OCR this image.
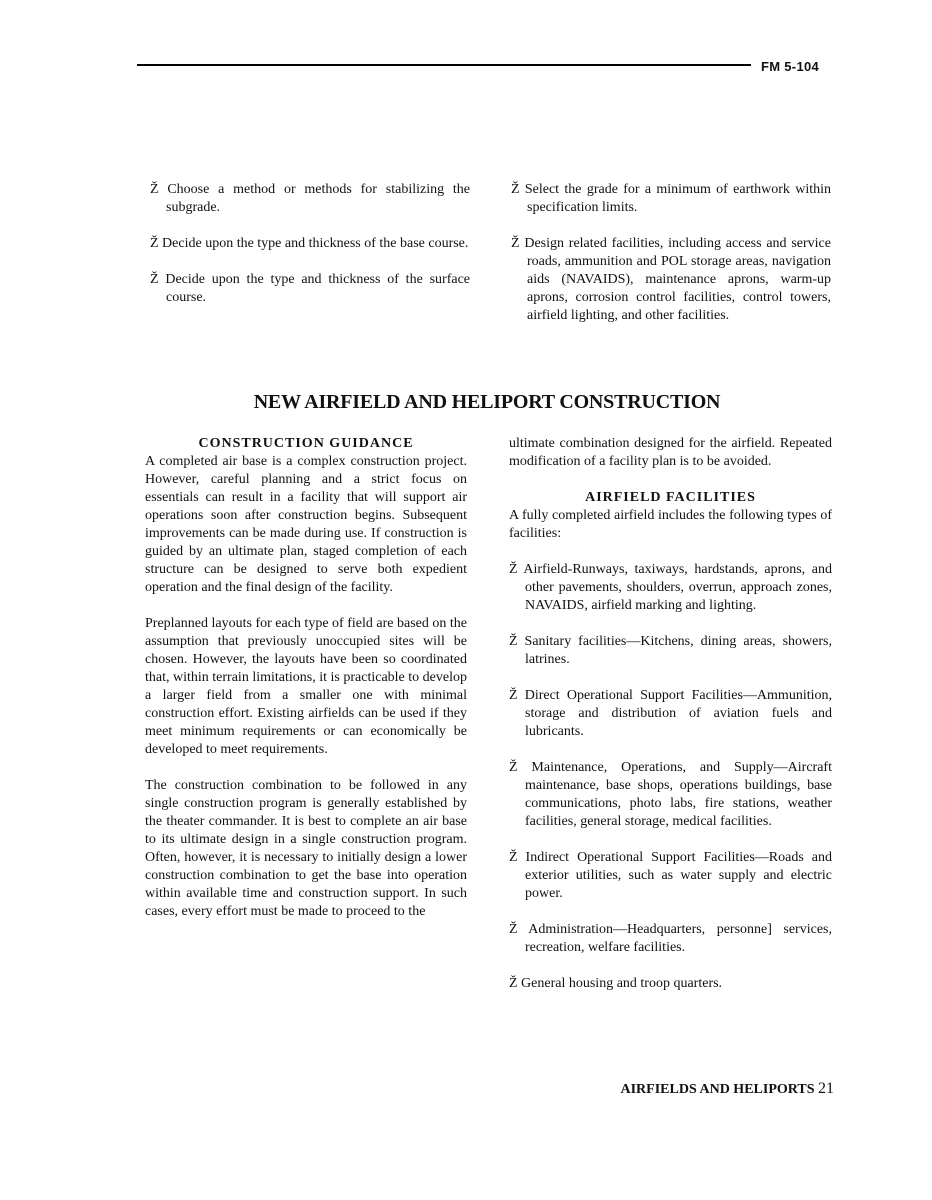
FM 5-104

Ž Choose a method or methods for stabilizing the subgrade.

Ž Decide upon the type and thickness of the base course.

Ž Decide upon the type and thickness of the surface course.

Ž Select the grade for a minimum of earthwork within specification limits.

Ž Design related facilities, including access and service roads, ammunition and POL storage areas, navigation aids (NAVAIDS), maintenance aprons, warm-up aprons, corrosion control facilities, control towers, airfield lighting, and other facilities.

NEW AIRFIELD AND HELIPORT CONSTRUCTION

CONSTRUCTION GUIDANCE

A completed air base is a complex construction project. However, careful planning and a strict focus on essentials can result in a facility that will support air operations soon after construction begins. Subsequent improvements can be made during use. If construction is guided by an ultimate plan, staged completion of each structure can be designed to serve both expedient operation and the final design of the facility.

Preplanned layouts for each type of field are based on the assumption that previously unoccupied sites will be chosen. However, the layouts have been so coordinated that, within terrain limitations, it is practicable to develop a larger field from a smaller one with minimal construction effort. Existing airfields can be used if they meet minimum requirements or can economically be developed to meet requirements.

The construction combination to be followed in any single construction program is generally established by the theater commander. It is best to complete an air base to its ultimate design in a single construction program. Often, however, it is necessary to initially design a lower construction combination to get the base into operation within available time and construction support. In such cases, every effort must be made to proceed to the

ultimate combination designed for the airfield. Repeated modification of a facility plan is to be avoided.

AIRFIELD FACILITIES

A fully completed airfield includes the following types of facilities:

Ž Airfield-Runways, taxiways, hardstands, aprons, and other pavements, shoulders, overrun, approach zones, NAVAIDS, airfield marking and lighting.

Ž Sanitary facilities—Kitchens, dining areas, showers, latrines.

Ž Direct Operational Support Facilities—Ammunition, storage and distribution of aviation fuels and lubricants.

Ž Maintenance, Operations, and Supply—Aircraft maintenance, base shops, operations buildings, base communications, photo labs, fire stations, weather facilities, general storage, medical facilities.

Ž Indirect Operational Support Facilities—Roads and exterior utilities, such as water supply and electric power.

Ž Administration—Headquarters, personne] services, recreation, welfare facilities.

Ž General housing and troop quarters.

AIRFIELDS AND HELIPORTS 21
